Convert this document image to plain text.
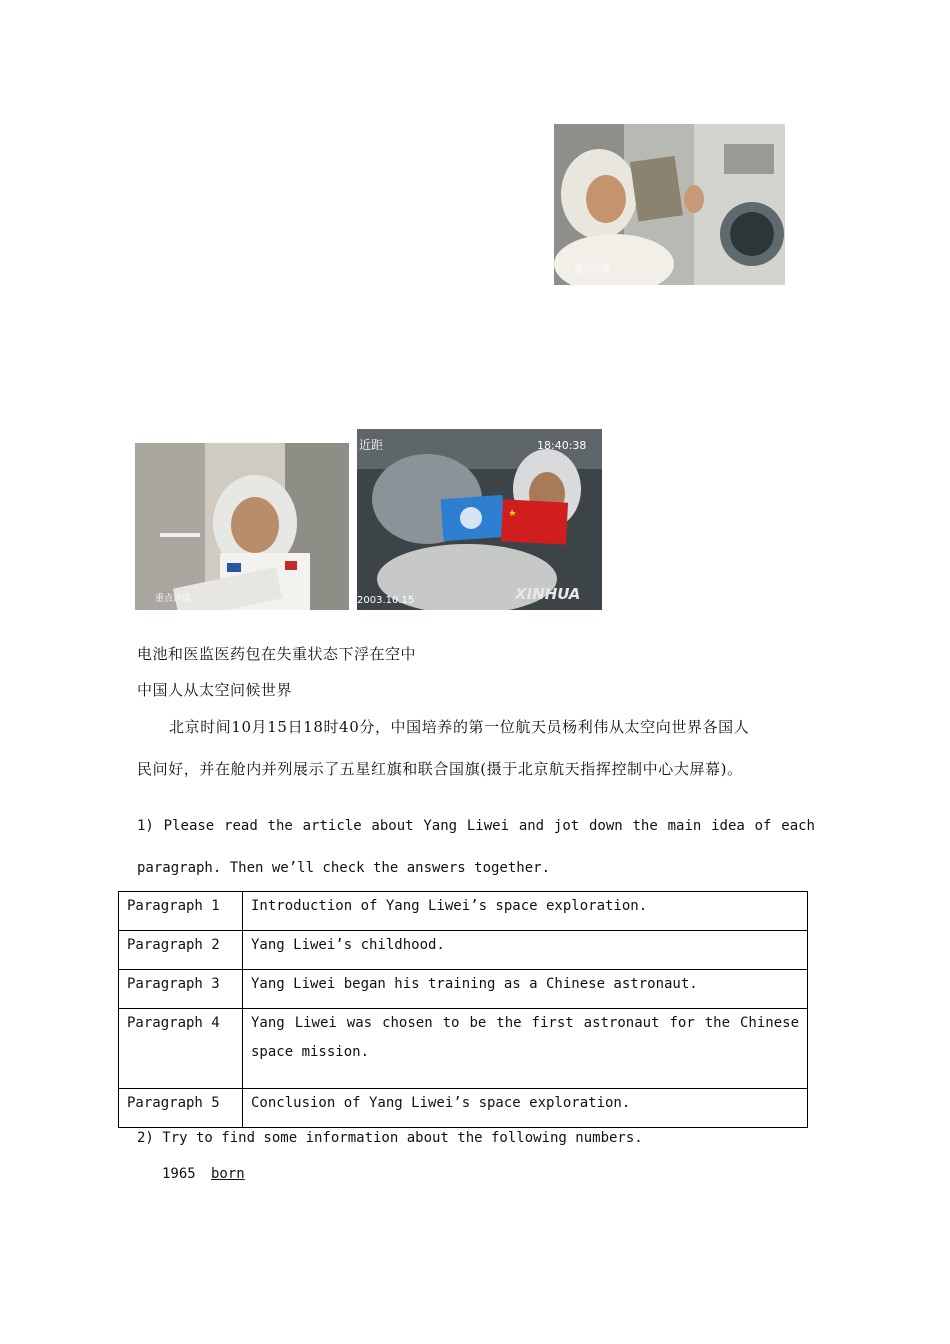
重点访谈
重点访谈
近距	18:40:38
2003.10.15	XINHUA
电池和医监医药包在失重状态下浮在空中
中国人从太空问候世界
北京时间10月15日18时40分，中国培养的第一位航天员杨利伟从太空向世界各国人
民问好，并在舱内并列展示了五星红旗和联合国旗(摄于北京航天指挥控制中心大屏幕)。
1) Please read the article about Yang Liwei and jot down the main idea of each
paragraph. Then we’ll check the answers together.
Paragraph 1	Introduction of Yang Liwei’s space exploration.
Paragraph 2	Yang Liwei’s childhood.
Paragraph 3	Yang Liwei began his training as a Chinese astronaut.
Paragraph 4	Yang Liwei was chosen to be the first astronaut for the Chinese
space mission.

Paragraph 5	Conclusion of Yang Liwei’s space exploration.
2) Try to find some information about the following numbers.
1965 born
